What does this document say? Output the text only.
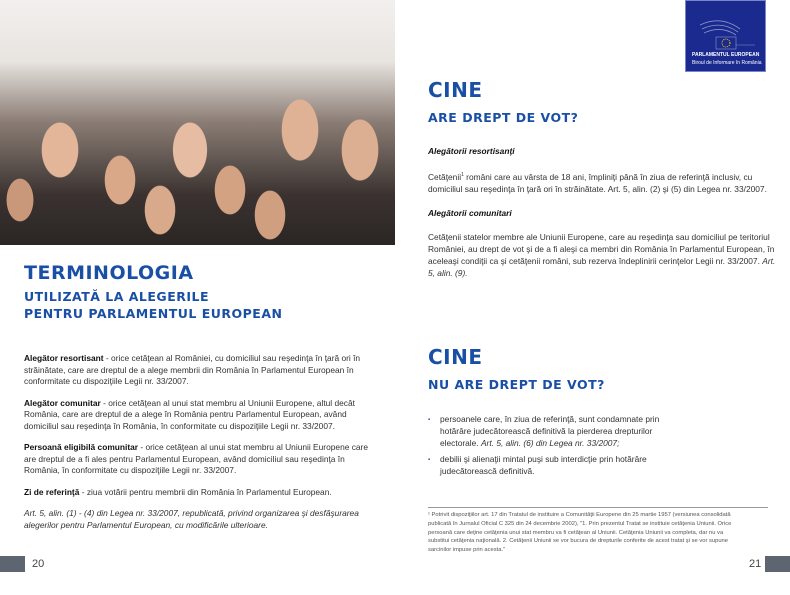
TERMINOLOGIA
UTILIZATĂ LA ALEGERILE
PENTRU PARLAMENTUL EUROPEAN

Alegător resortisant - orice cetăţean al României, cu domiciliul sau reşedinţa în ţară ori în străinătate, care are dreptul de a alege membrii din România în Parlamentul European în conformitate cu dispoziţiile Legii nr. 33/2007.

Alegător comunitar - orice cetăţean al unui stat membru al Uniunii Europene, altul decât România, care are dreptul de a alege în România pentru Parlamentul European, având domiciliul sau reşedinţa în România, în conformitate cu dispoziţiile Legii nr. 33/2007.

Persoană eligibilă comunitar - orice cetăţean al unui stat membru al Uniunii Europene care are dreptul de a fi ales pentru Parlamentul European, având domiciliul sau reşedinţa în România, în conformitate cu dispoziţiile Legii nr. 33/2007.

Zi de referinţă - ziua votării pentru membrii din România în Parlamentul European.

Art. 5, alin. (1) - (4) din Legea nr. 33/2007, republicată, privind organizarea şi desfăşurarea alegerilor pentru Parlamentul European, cu modificările ulterioare.

20
PARLAMENTUL EUROPEAN
Biroul de Informare în România
CINE
ARE DREPT DE VOT?

Alegătorii resortisanţi

Cetăţenii$^1$ români care au vârsta de 18 ani, împliniţi până în ziua de referinţă inclusiv, cu domiciliul sau reşedinţa în ţară ori în străinătate. Art. 5, alin. (2) şi (5) din Legea nr. 33/2007.

Alegătorii comunitari

Cetăţenii statelor membre ale Uniunii Europene, care au reşedinţa sau domiciliul pe teritoriul României, au drept de vot şi de a fi aleşi ca membri din România în Parlamentul European, în aceleaşi condiţii ca şi cetăţenii români, sub rezerva îndeplinirii cerinţelor Legii nr. 33/2007. Art. 5, alin. (9).

CINE
NU ARE DREPT DE VOT?
▪ persoanele care, în ziua de referinţă, sunt condamnate prin hotărâre judecătorească definitivă la pierderea drepturilor electorale. Art. 5, alin. (6) din Legea nr. 33/2007;
▪ debilii şi alienaţii mintal puşi sub interdicţie prin hotărâre judecătorească definitivă.
¹ Potrivit dispoziţiilor art. 17 din Tratatul de instituire a Comunităţii Europene din 25 martie 1957 (versiunea consolidată publicată în Jurnalul Oficial C 325 din 24 decembrie 2002), "1. Prin prezentul Tratat se instituie cetăţenia Uniunii. Orice persoană care deţine cetăţenia unui stat membru va fi cetăţean al Uniunii. Cetăţenia Uniunii va completa, dar nu va substitui cetăţenia naţională. 2. Cetăţenii Uniunii se vor bucura de drepturile conferite de acest tratat şi se vor supune sarcinilor impuse prin acesta."
21
